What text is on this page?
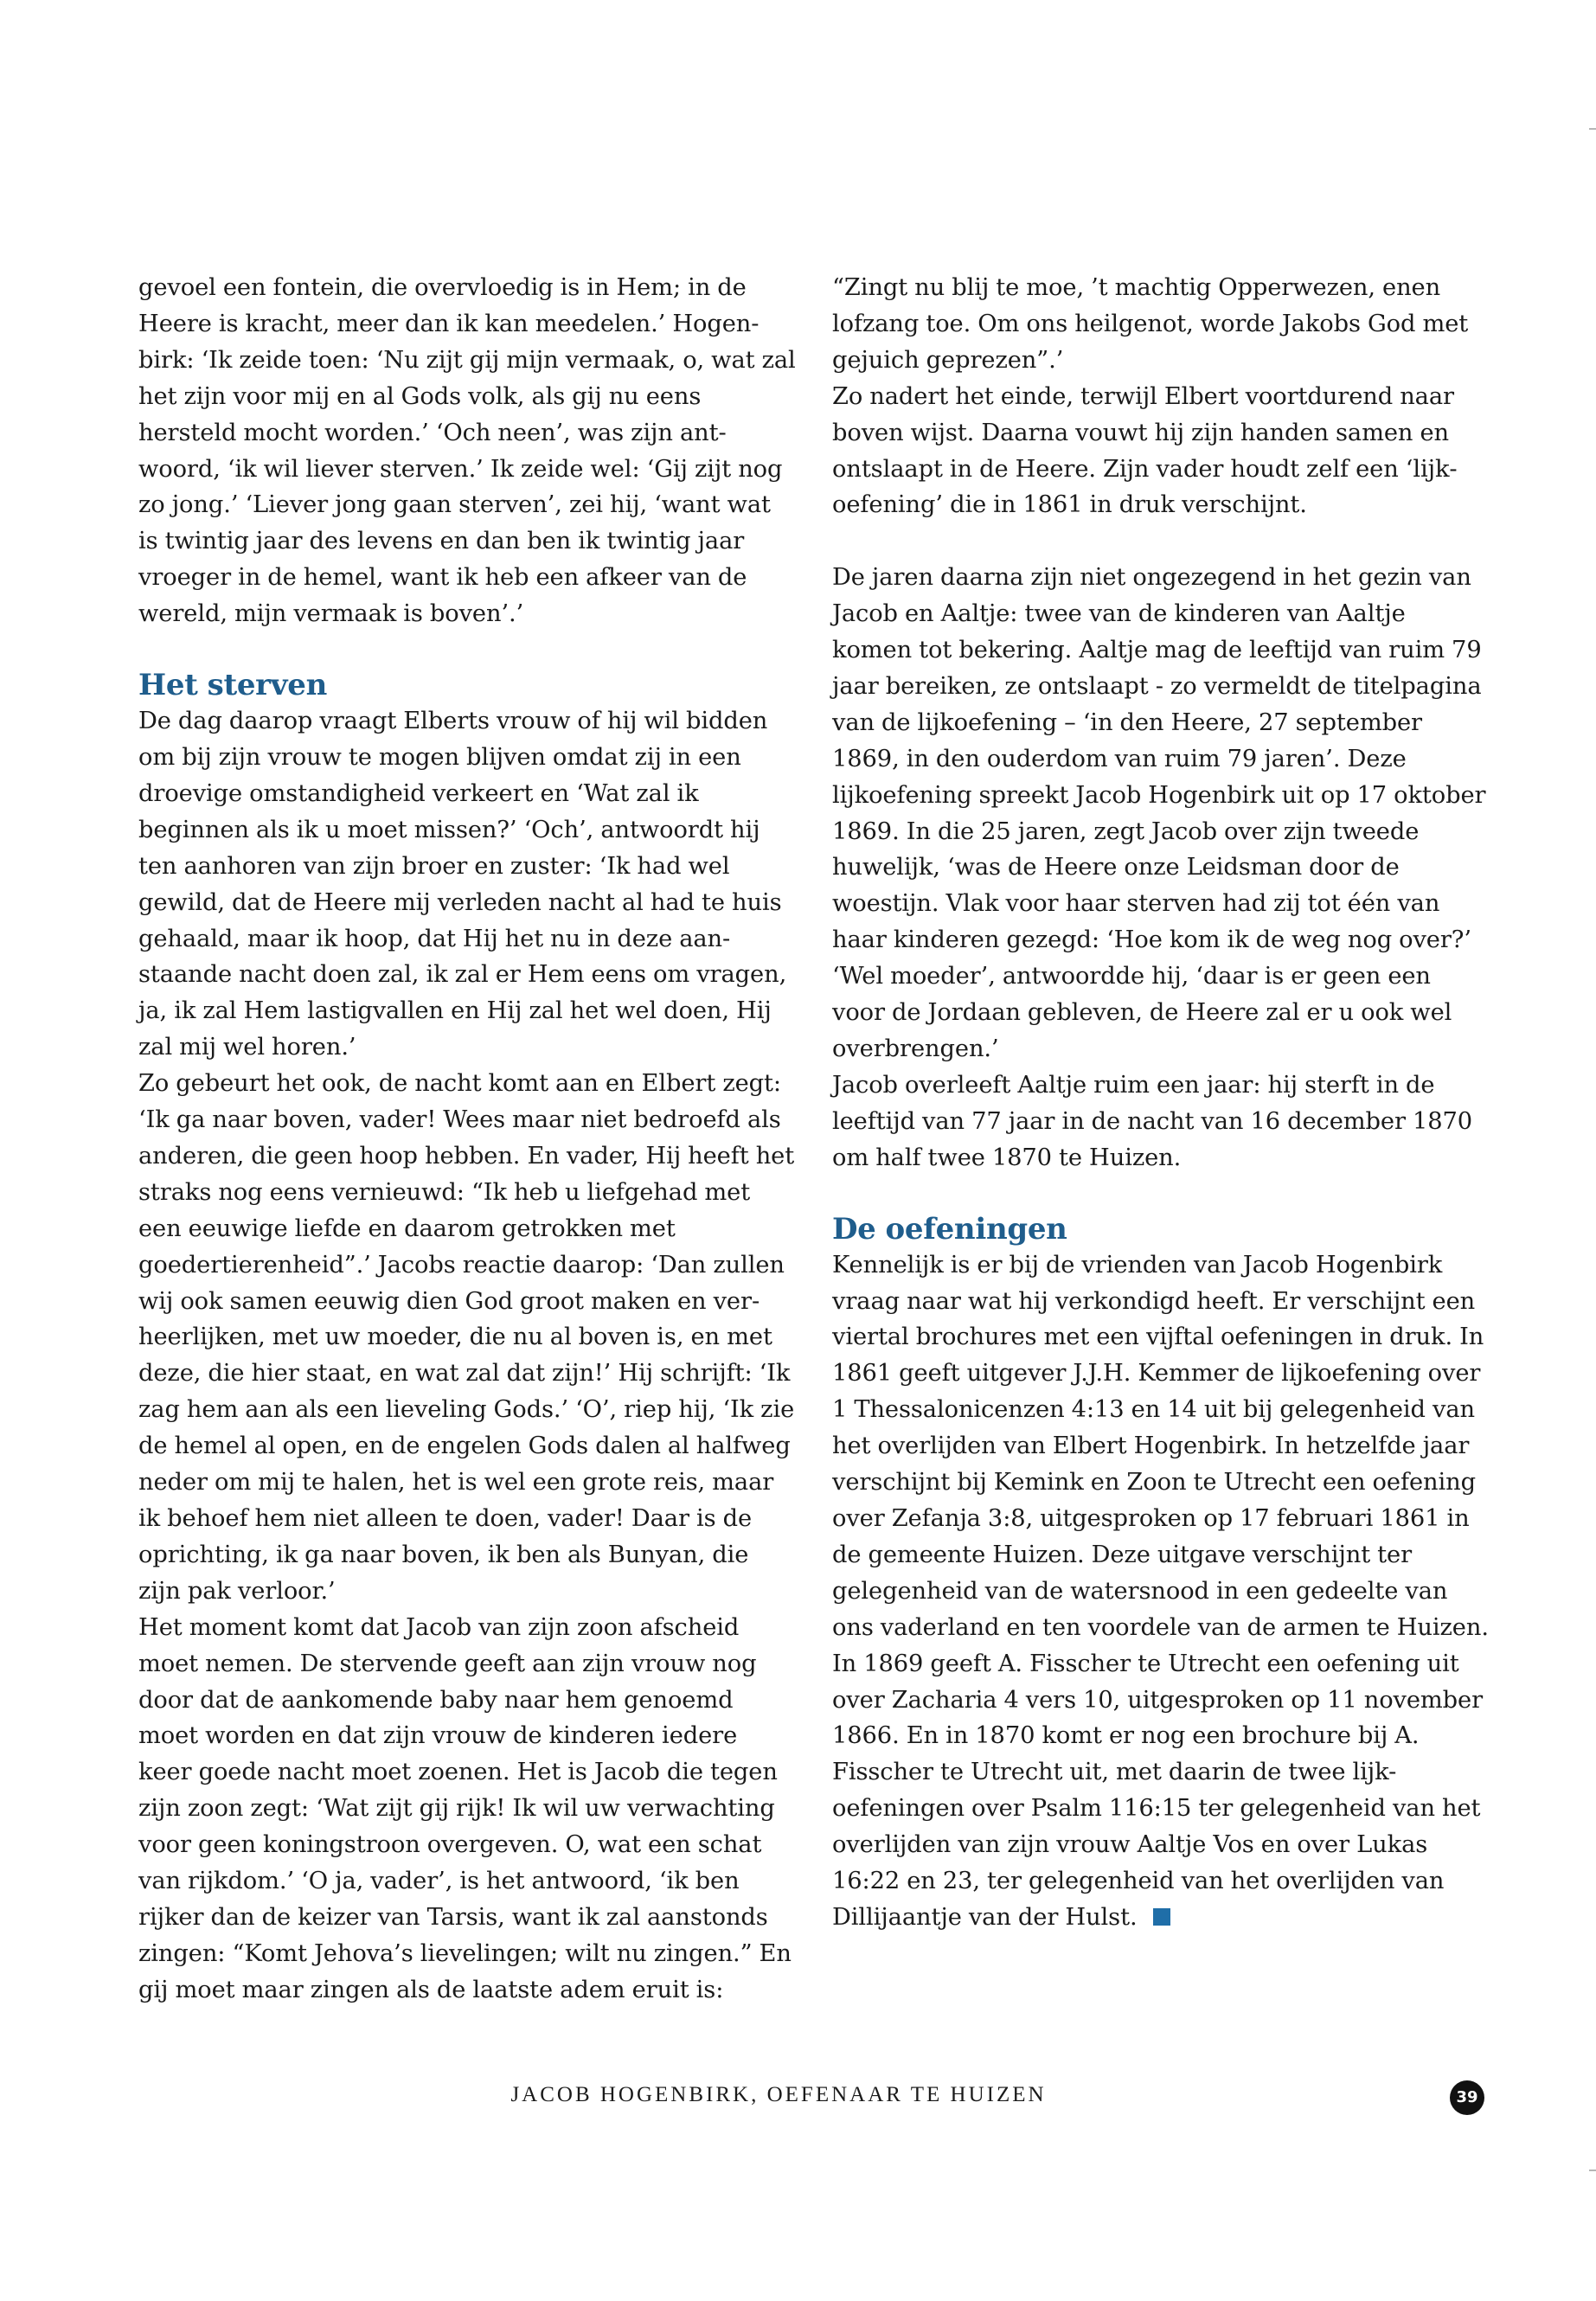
gevoel een fontein, die overvloedig is in Hem; in de Heere is kracht, meer dan ik kan meedelen.’ Hogenbirk: ‘Ik zeide toen: ‘Nu zijt gij mijn vermaak, o, wat zal het zijn voor mij en al Gods volk, als gij nu eens hersteld mocht worden.’ ‘Och neen’, was zijn antwoord, ‘ik wil liever sterven.’ Ik zeide wel: ‘Gij zijt nog zo jong.’ ‘Liever jong gaan sterven’, zei hij, ‘want wat is twintig jaar des levens en dan ben ik twintig jaar vroeger in de hemel, want ik heb een afkeer van de wereld, mijn vermaak is boven’.’

Het sterven

De dag daarop vraagt Elberts vrouw of hij wil bidden om bij zijn vrouw te mogen blijven omdat zij in een droevige omstandigheid verkeert en ‘Wat zal ik beginnen als ik u moet missen?’ ‘Och’, antwoordt hij ten aanhoren van zijn broer en zuster: ‘Ik had wel gewild, dat de Heere mij verleden nacht al had te huis gehaald, maar ik hoop, dat Hij het nu in deze aanstaande nacht doen zal, ik zal er Hem eens om vragen, ja, ik zal Hem lastigvallen en Hij zal het wel doen, Hij zal mij wel horen.’

Zo gebeurt het ook, de nacht komt aan en Elbert zegt: ‘Ik ga naar boven, vader! Wees maar niet bedroefd als anderen, die geen hoop hebben. En vader, Hij heeft het straks nog eens vernieuwd: “Ik heb u liefgehad met een eeuwige liefde en daarom getrokken met goedertierenheid”.’ Jacobs reactie daarop: ‘Dan zullen wij ook samen eeuwig dien God groot maken en verheerlijken, met uw moeder, die nu al boven is, en met deze, die hier staat, en wat zal dat zijn!’ Hij schrijft: ‘Ik zag hem aan als een lieveling Gods.’ ‘O’, riep hij, ‘Ik zie de hemel al open, en de engelen Gods dalen al halfweg neder om mij te halen, het is wel een grote reis, maar ik behoef hem niet alleen te doen, vader! Daar is de oprichting, ik ga naar boven, ik ben als Bunyan, die zijn pak verloor.’

Het moment komt dat Jacob van zijn zoon afscheid moet nemen. De stervende geeft aan zijn vrouw nog door dat de aankomende baby naar hem genoemd moet worden en dat zijn vrouw de kinderen iedere keer goede nacht moet zoenen. Het is Jacob die tegen zijn zoon zegt: ‘Wat zijt gij rijk! Ik wil uw verwachting voor geen koningstroon overgeven. O, wat een schat van rijkdom.’ ‘O ja, vader’, is het antwoord, ‘ik ben rijker dan de keizer van Tarsis, want ik zal aanstonds zingen: “Komt Jehova’s lievelingen; wilt nu zingen.” En gij moet maar zingen als de laatste adem eruit is:

“Zingt nu blij te moe, ’t machtig Opperwezen, enen lofzang toe. Om ons heilgenot, worde Jakobs God met gejuich geprezen”.’

Zo nadert het einde, terwijl Elbert voortdurend naar boven wijst. Daarna vouwt hij zijn handen samen en ontslaapt in de Heere. Zijn vader houdt zelf een ‘lijkoefening’ die in 1861 in druk verschijnt.

De jaren daarna zijn niet ongezegend in het gezin van Jacob en Aaltje: twee van de kinderen van Aaltje komen tot bekering. Aaltje mag de leeftijd van ruim 79 jaar bereiken, ze ontslaapt - zo vermeldt de titelpagina van de lijkoefening – ‘in den Heere, 27 september 1869, in den ouderdom van ruim 79 jaren’. Deze lijkoefening spreekt Jacob Hogenbirk uit op 17 oktober 1869. In die 25 jaren, zegt Jacob over zijn tweede huwelijk, ‘was de Heere onze Leidsman door de woestijn. Vlak voor haar sterven had zij tot één van haar kinderen gezegd: ‘Hoe kom ik de weg nog over?’ ‘Wel moeder’, antwoordde hij, ‘daar is er geen een voor de Jordaan gebleven, de Heere zal er u ook wel overbrengen.’

Jacob overleeft Aaltje ruim een jaar: hij sterft in de leeftijd van 77 jaar in de nacht van 16 december 1870 om half twee 1870 te Huizen.

De oefeningen

Kennelijk is er bij de vrienden van Jacob Hogenbirk vraag naar wat hij verkondigd heeft. Er verschijnt een viertal brochures met een vijftal oefeningen in druk. In 1861 geeft uitgever J.J.H. Kemmer de lijkoefening over 1 Thessalonicenzen 4:13 en 14 uit bij gelegenheid van het overlijden van Elbert Hogenbirk. In hetzelfde jaar verschijnt bij Kemink en Zoon te Utrecht een oefening over Zefanja 3:8, uitgesproken op 17 februari 1861 in de gemeente Huizen. Deze uitgave verschijnt ter gelegenheid van de watersnood in een gedeelte van ons vaderland en ten voordele van de armen te Huizen. In 1869 geeft A. Fisscher te Utrecht een oefening uit over Zacharia 4 vers 10, uitgesproken op 11 november 1866. En in 1870 komt er nog een brochure bij A. Fisscher te Utrecht uit, met daarin de twee lijk-oefeningen over Psalm 116:15 ter gelegenheid van het overlijden van zijn vrouw Aaltje Vos en over Lukas 16:22 en 23, ter gelegenheid van het overlijden van Dillijaantje van der Hulst.

JACOB HOGENBIRK, OEFENAAR TE HUIZEN	39
